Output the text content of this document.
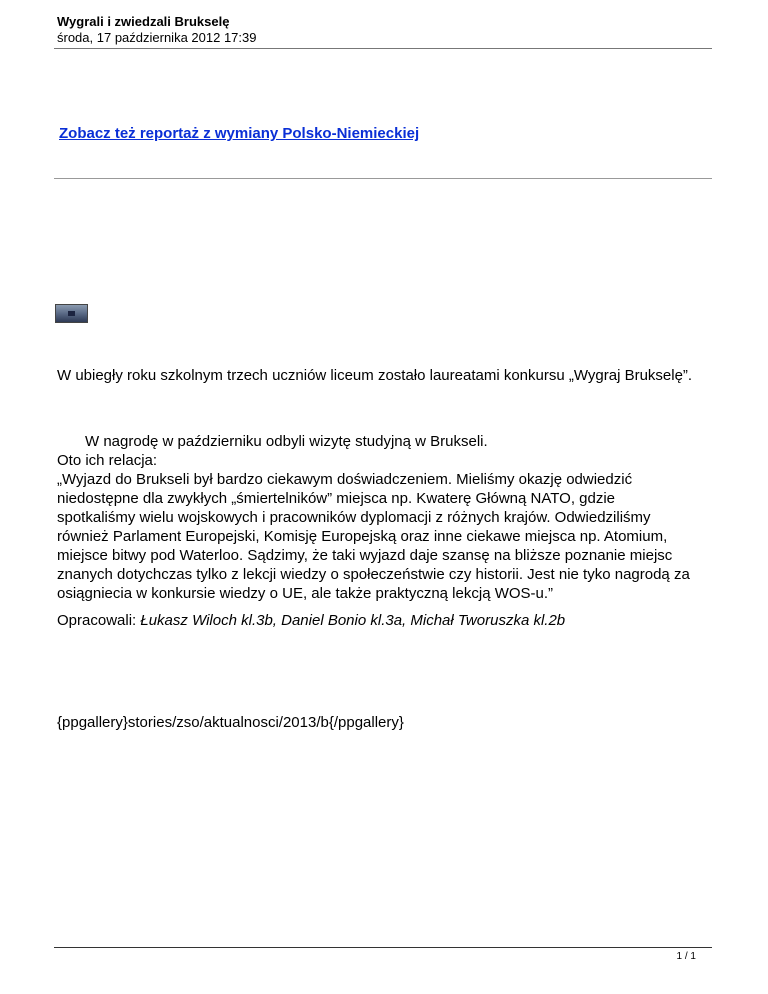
Wygrali i zwiedzali Brukselę
środa, 17 października 2012 17:39
Zobacz też reportaż z wymiany Polsko-Niemieckiej
W ubiegły roku szkolnym trzech uczniów liceum zostało laureatami konkursu „Wygraj Brukselę”.
W nagrodę w październiku odbyli wizytę studyjną w Brukseli.
Oto ich relacja:
„Wyjazd do Brukseli był bardzo ciekawym doświadczeniem. Mieliśmy okazję odwiedzić
niedostępne dla zwykłych „śmiertelników” miejsca np. Kwaterę Główną NATO, gdzie
spotkaliśmy wielu wojskowych i pracowników dyplomacji z różnych krajów. Odwiedziliśmy
również Parlament Europejski, Komisję Europejską oraz inne ciekawe miejsca np. Atomium,
miejsce bitwy pod Waterloo. Sądzimy, że taki wyjazd daje szansę na bliższe poznanie miejsc
znanych dotychczas tylko z lekcji wiedzy o społeczeństwie czy historii. Jest nie tyko nagrodą za
osiągniecia w konkursie wiedzy o UE, ale także praktyczną lekcją WOS-u.”
Opracowali: Łukasz Wiloch kl.3b, Daniel Bonio kl.3a, Michał Tworuszka kl.2b
{ppgallery}stories/zso/aktualnosci/2013/b{/ppgallery}
1 / 1
